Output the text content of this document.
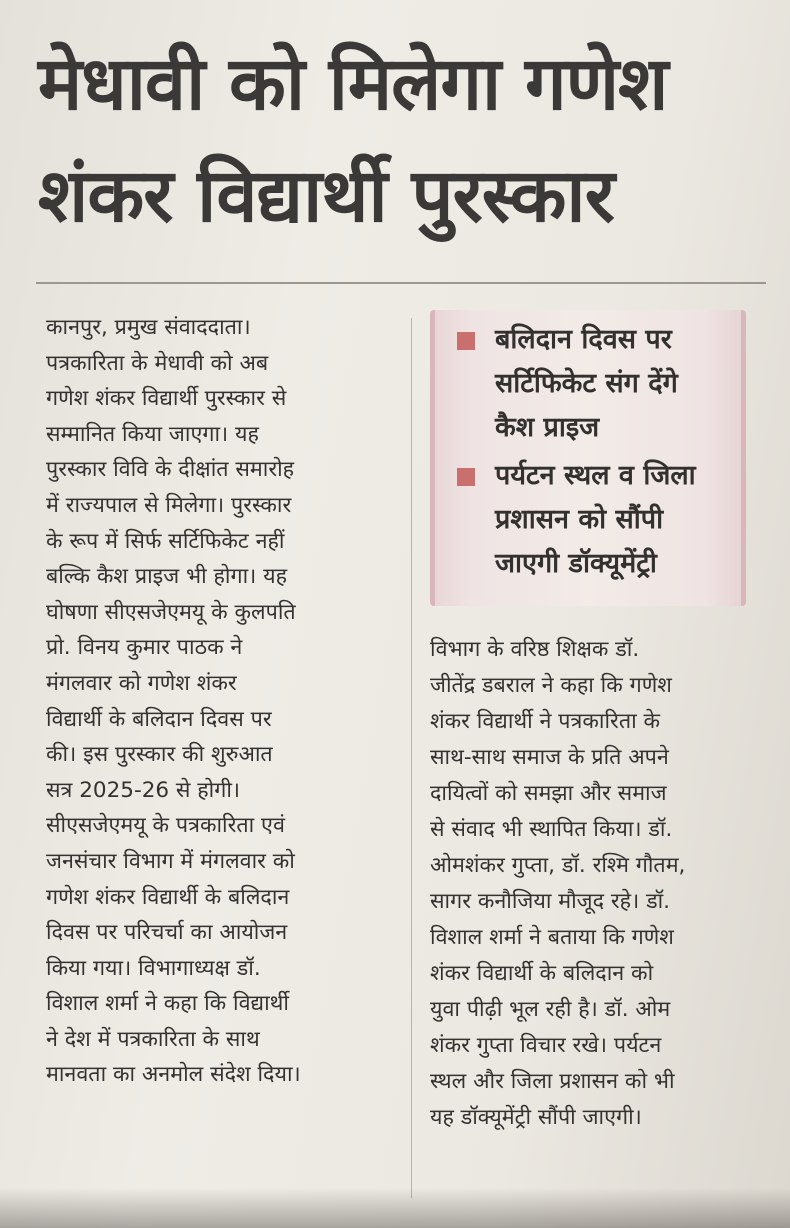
मेधावी को मिलेगा गणेश
शंकर विद्यार्थी पुरस्कार
कानपुर, प्रमुख संवाददाता।
पत्रकारिता के मेधावी को अब
गणेश शंकर विद्यार्थी पुरस्कार से
सम्मानित किया जाएगा। यह
पुरस्कार विवि के दीक्षांत समारोह
में राज्यपाल से मिलेगा। पुरस्कार
के रूप में सिर्फ सर्टिफिकेट नहीं
बल्कि कैश प्राइज भी होगा। यह
घोषणा सीएसजेएमयू के कुलपति
प्रो. विनय कुमार पाठक ने
मंगलवार को गणेश शंकर
विद्यार्थी के बलिदान दिवस पर
की। इस पुरस्कार की शुरुआत
सत्र 2025-26 से होगी।
सीएसजेएमयू के पत्रकारिता एवं
जनसंचार विभाग में मंगलवार को
गणेश शंकर विद्यार्थी के बलिदान
दिवस पर परिचर्चा का आयोजन
किया गया। विभागाध्यक्ष डॉ.
विशाल शर्मा ने कहा कि विद्यार्थी
ने देश में पत्रकारिता के साथ
मानवता का अनमोल संदेश दिया।
बलिदान दिवस पर
सर्टिफिकेट संग देंगे
कैश प्राइज
पर्यटन स्थल व जिला
प्रशासन को सौंपी
जाएगी डॉक्यूमेंट्री
विभाग के वरिष्ठ शिक्षक डॉ.
जीतेंद्र डबराल ने कहा कि गणेश
शंकर विद्यार्थी ने पत्रकारिता के
साथ-साथ समाज के प्रति अपने
दायित्वों को समझा और समाज
से संवाद भी स्थापित किया। डॉ.
ओमशंकर गुप्ता, डॉ. रश्मि गौतम,
सागर कनौजिया मौजूद रहे। डॉ.
विशाल शर्मा ने बताया कि गणेश
शंकर विद्यार्थी के बलिदान को
युवा पीढ़ी भूल रही है। डॉ. ओम
शंकर गुप्ता विचार रखे। पर्यटन
स्थल और जिला प्रशासन को भी
यह डॉक्यूमेंट्री सौंपी जाएगी।
